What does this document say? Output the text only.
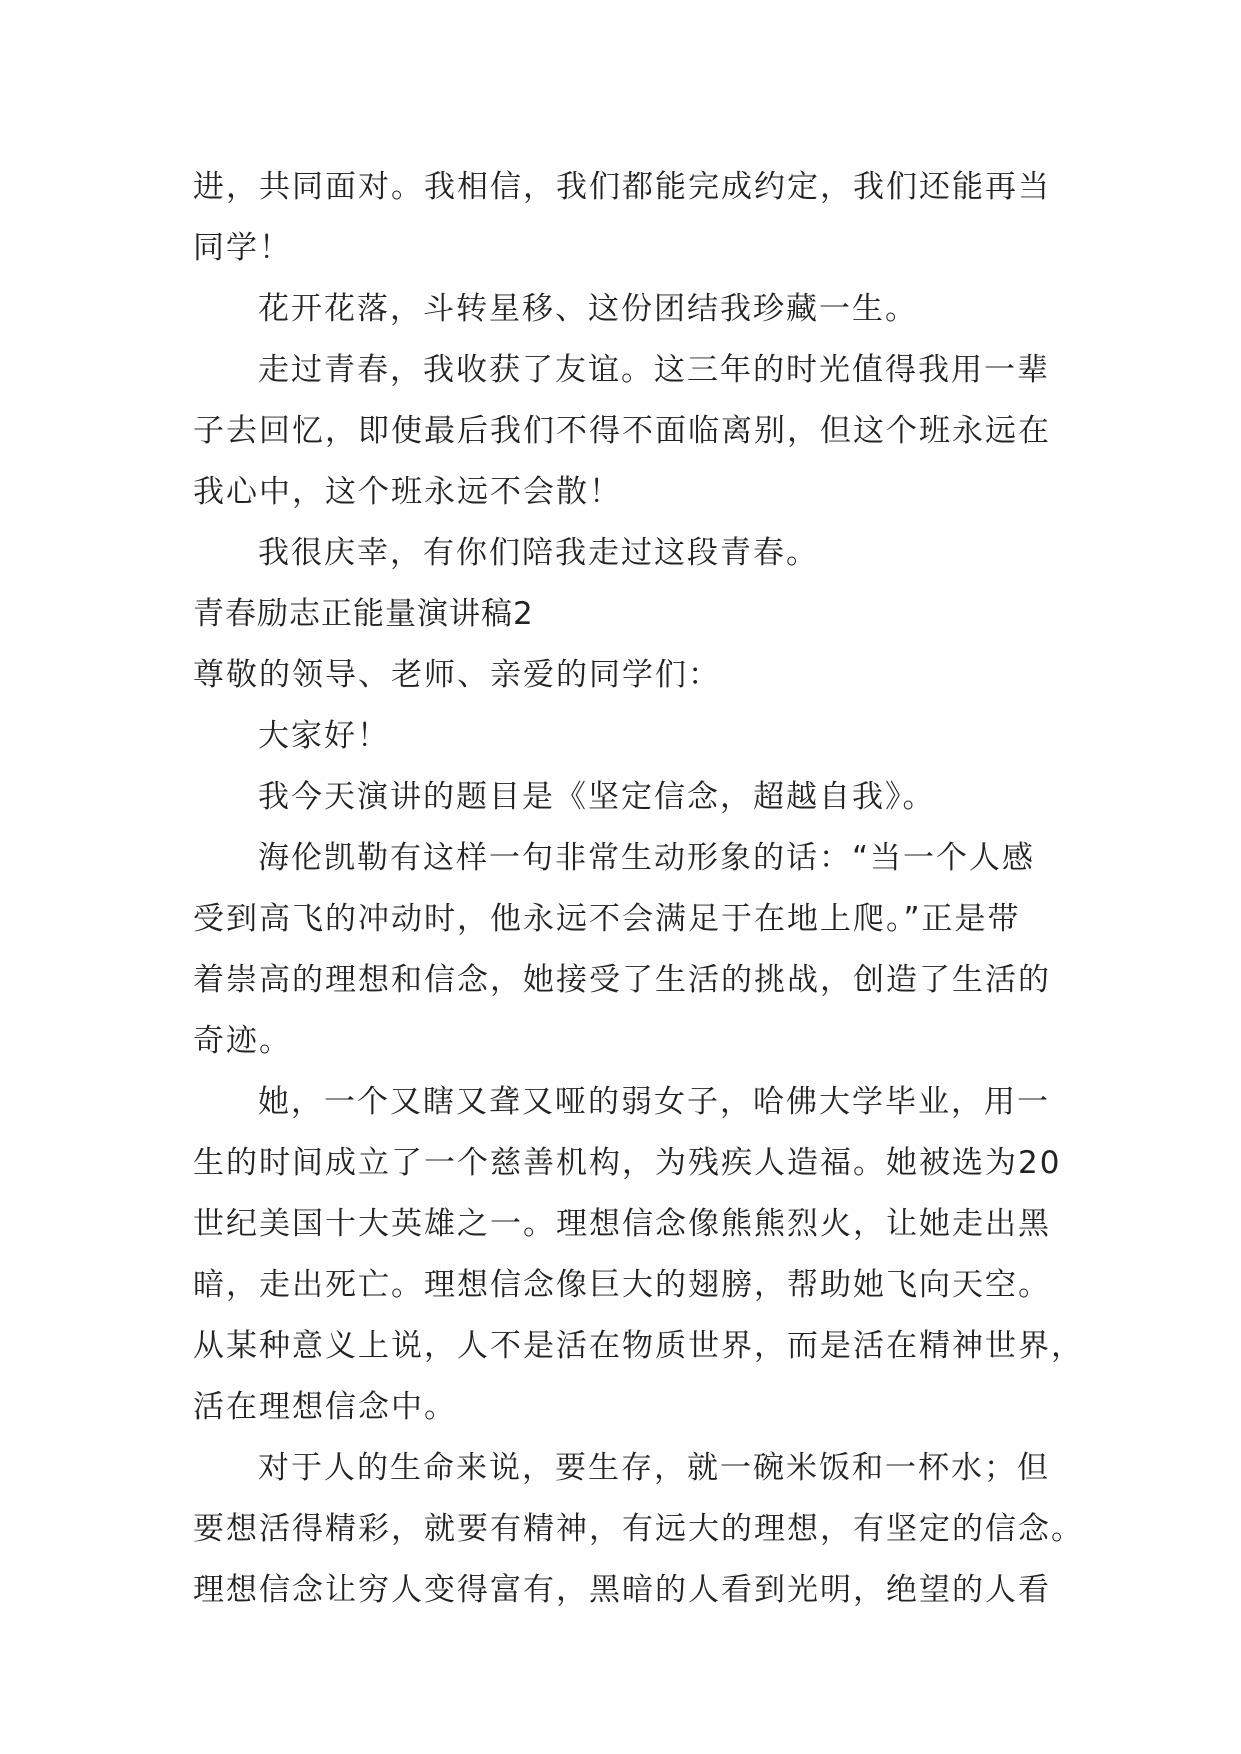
进，共同面对。我相信，我们都能完成约定，我们还能再当
同学！
花开花落，斗转星移、这份团结我珍藏一生。
走过青春，我收获了友谊。这三年的时光值得我用一辈
子去回忆，即使最后我们不得不面临离别，但这个班永远在
我心中，这个班永远不会散！
我很庆幸，有你们陪我走过这段青春。
青春励志正能量演讲稿2
尊敬的领导、老师、亲爱的同学们：
大家好！
我今天演讲的题目是《坚定信念，超越自我》。
海伦凯勒有这样一句非常生动形象的话：“当一个人感
受到高飞的冲动时，他永远不会满足于在地上爬。”正是带
着崇高的理想和信念，她接受了生活的挑战，创造了生活的
奇迹。
她，一个又瞎又聋又哑的弱女子，哈佛大学毕业，用一
生的时间成立了一个慈善机构，为残疾人造福。她被选为20
世纪美国十大英雄之一。理想信念像熊熊烈火，让她走出黑
暗，走出死亡。理想信念像巨大的翅膀，帮助她飞向天空。
从某种意义上说，人不是活在物质世界，而是活在精神世界，
活在理想信念中。
对于人的生命来说，要生存，就一碗米饭和一杯水；但
要想活得精彩，就要有精神，有远大的理想，有坚定的信念。
理想信念让穷人变得富有，黑暗的人看到光明，绝望的人看
